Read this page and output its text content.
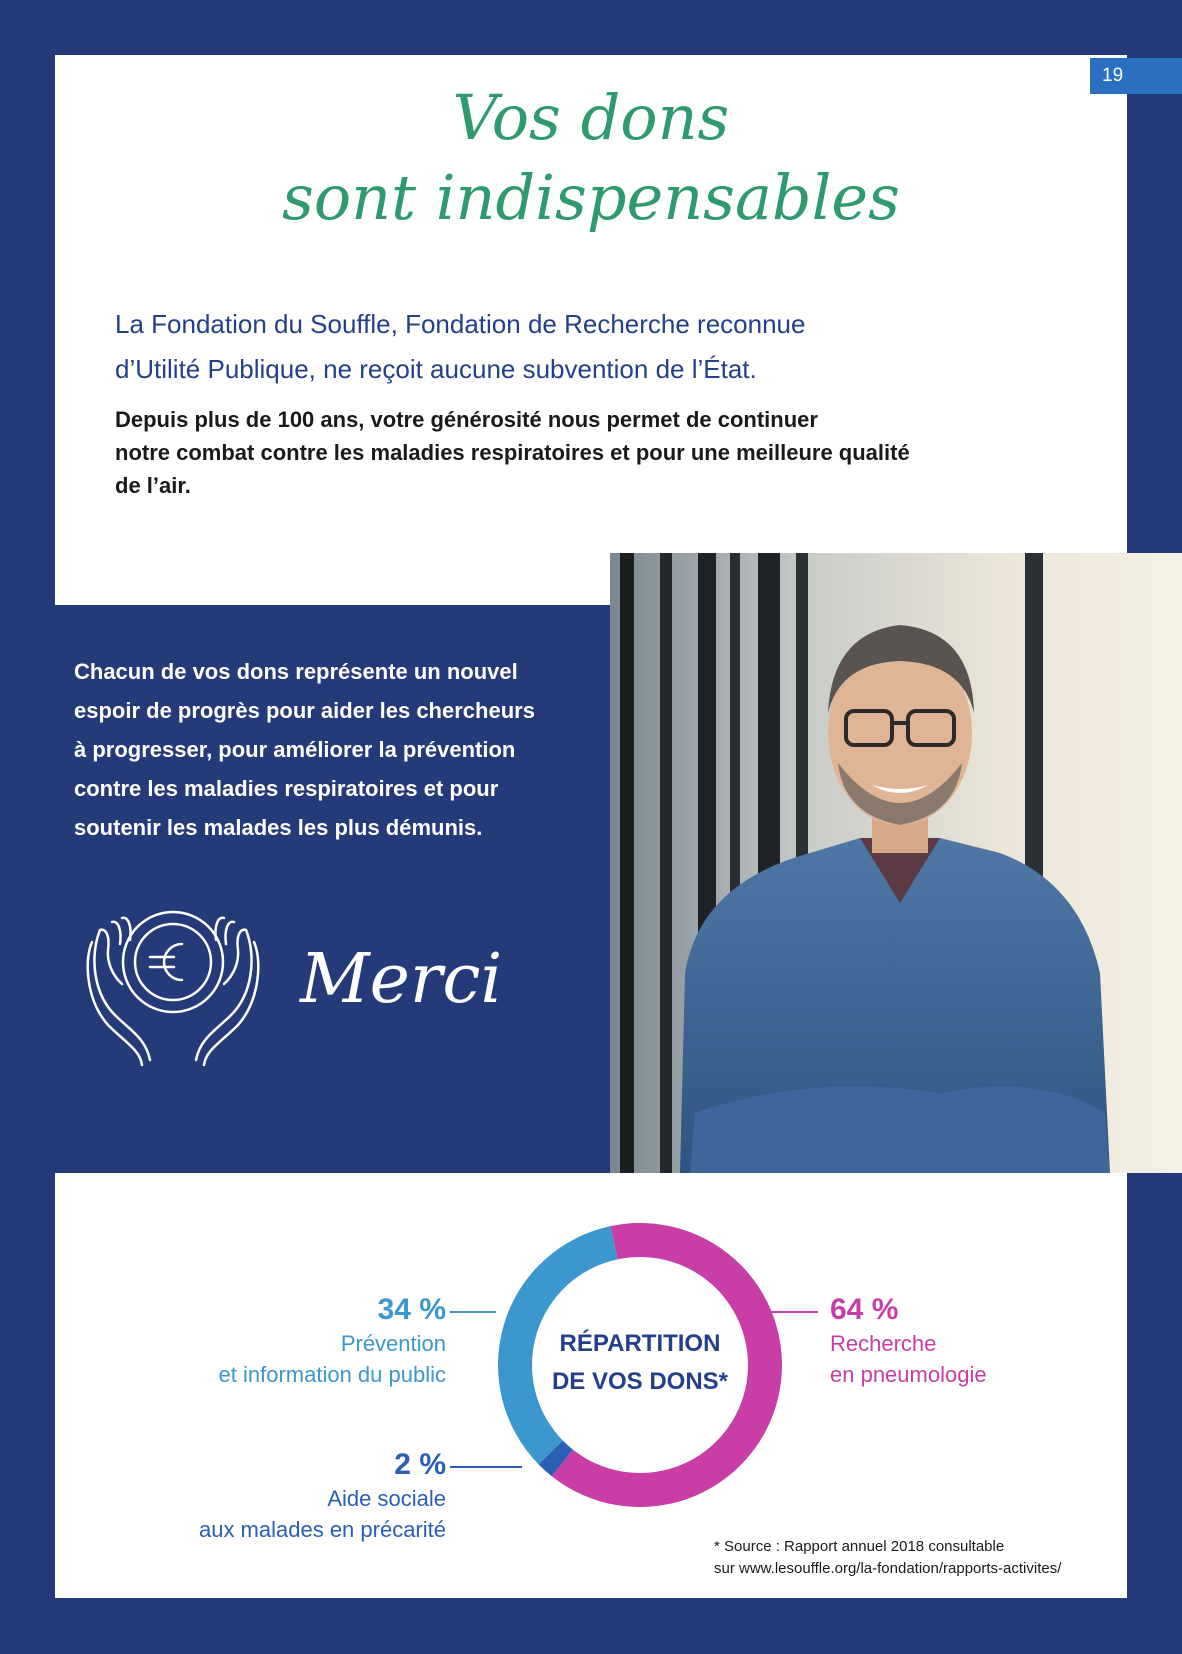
19
Vos dons
sont indispensables
La Fondation du Souffle, Fondation de Recherche reconnue
d’Utilité Publique, ne reçoit aucune subvention de l’État.
Depuis plus de 100 ans, votre générosité nous permet de continuer
notre combat contre les maladies respiratoires et pour une meilleure qualité
de l’air.
Chacun de vos dons représente un nouvel
espoir de progrès pour aider les chercheurs
à progresser, pour améliorer la prévention
contre les maladies respiratoires et pour
soutenir les malades les plus démunis.
Merci
RÉPARTITION
DE VOS DONS*
64 %
Recherche
en pneumologie
34 %
Prévention
et information du public
2 %
Aide sociale
aux malades en précarité
* Source : Rapport annuel 2018 consultable
sur www.lesouffle.org/la-fondation/rapports-activites/
